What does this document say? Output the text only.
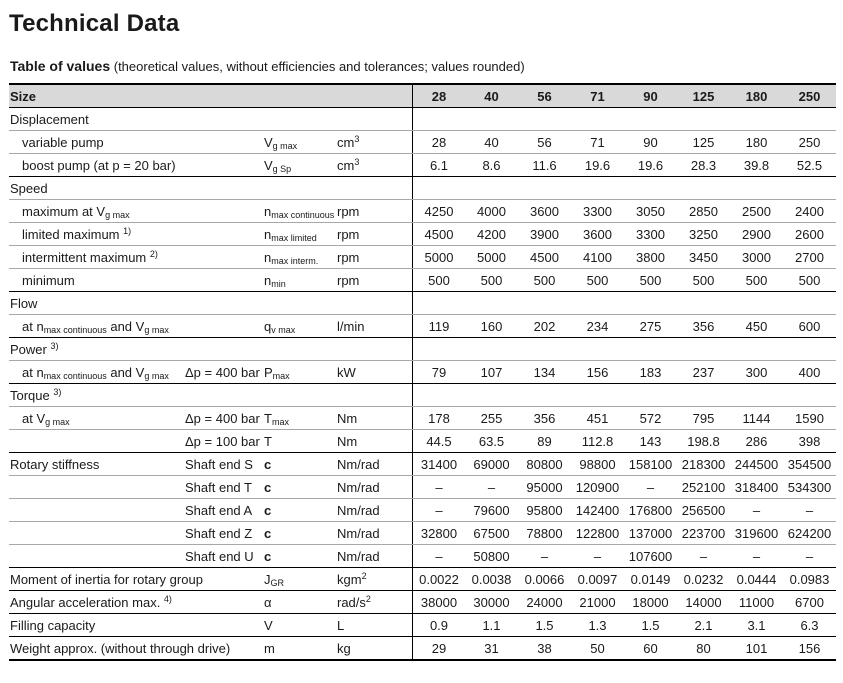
Technical Data

Table of values (theoretical values, without efficiencies and tolerances; values rounded)

Size	28	40	56	71	90	125	180	250
Displacement
variable pump	$V_{g max}$	$cm^3$	28	40	56	71	90	125	180	250
boost pump (at p = 20 bar)	$V_{g Sp}$	$cm^3$	6.1	8.6	11.6	19.6	19.6	28.3	39.8	52.5
Speed
maximum at $V_{g max}$	$n_{max continuous}$ rpm	4250	4000	3600	3300	3050	2850	2500	2400
limited maximum $^{1)}$	$n_{max limited}$	rpm	4500	4200	3900	3600	3300	3250	2900	2600
intermittent maximum $^{2)}$	$n_{max interm.}$	rpm	5000	5000	4500	4100	3800	3450	3000	2700
minimum	$n_{min}$	rpm	500	500	500	500	500	500	500	500
Flow
at $n_{max continuous}$ and $V_{g max}$	$q_{v max}$	l/min	119	160	202	234	275	356	450	600
Power $^{3)}$
at $n_{max continuous}$ and $V_{g max}$	Δp = 400 bar $P_{max}$	kW	79	107	134	156	183	237	300	400
Torque $^{3)}$
at $V_{g max}$	Δp = 400 bar $T_{max}$	Nm	178	255	356	451	572	795	1144	1590
Δp = 100 bar T	Nm	44.5	63.5	89	112.8	143	198.8	286	398
Rotary stiffness	Shaft end S c	Nm/rad	31400	69000	80800	98800	158100 218300 244500 354500
Shaft end T c	Nm/rad	–	–	95000	120900	–	252100 318400 534300
Shaft end A c	Nm/rad	–	79600	95800	142400 176800 256500	–	–
Shaft end Z c	Nm/rad	32800	67500	78800	122800 137000 223700 319600 624200
Shaft end U c	Nm/rad	–	50800	–	–	107600	–	–	–
Moment of inertia for rotary group	$J_{GR}$	kgm$^2$	0.0022 0.0038	0.0066	0.0097	0.0149	0.0232	0.0444	0.0983
Angular acceleration max. $^{4)}$	α	rad/$s^2$	38000	30000	24000	21000	18000	14000	11000	6700
Filling capacity	V	L	0.9	1.1	1.5	1.3	1.5	2.1	3.1	6.3
Weight approx. (without through drive)	m	kg	29	31	38	50	60	80	101	156
